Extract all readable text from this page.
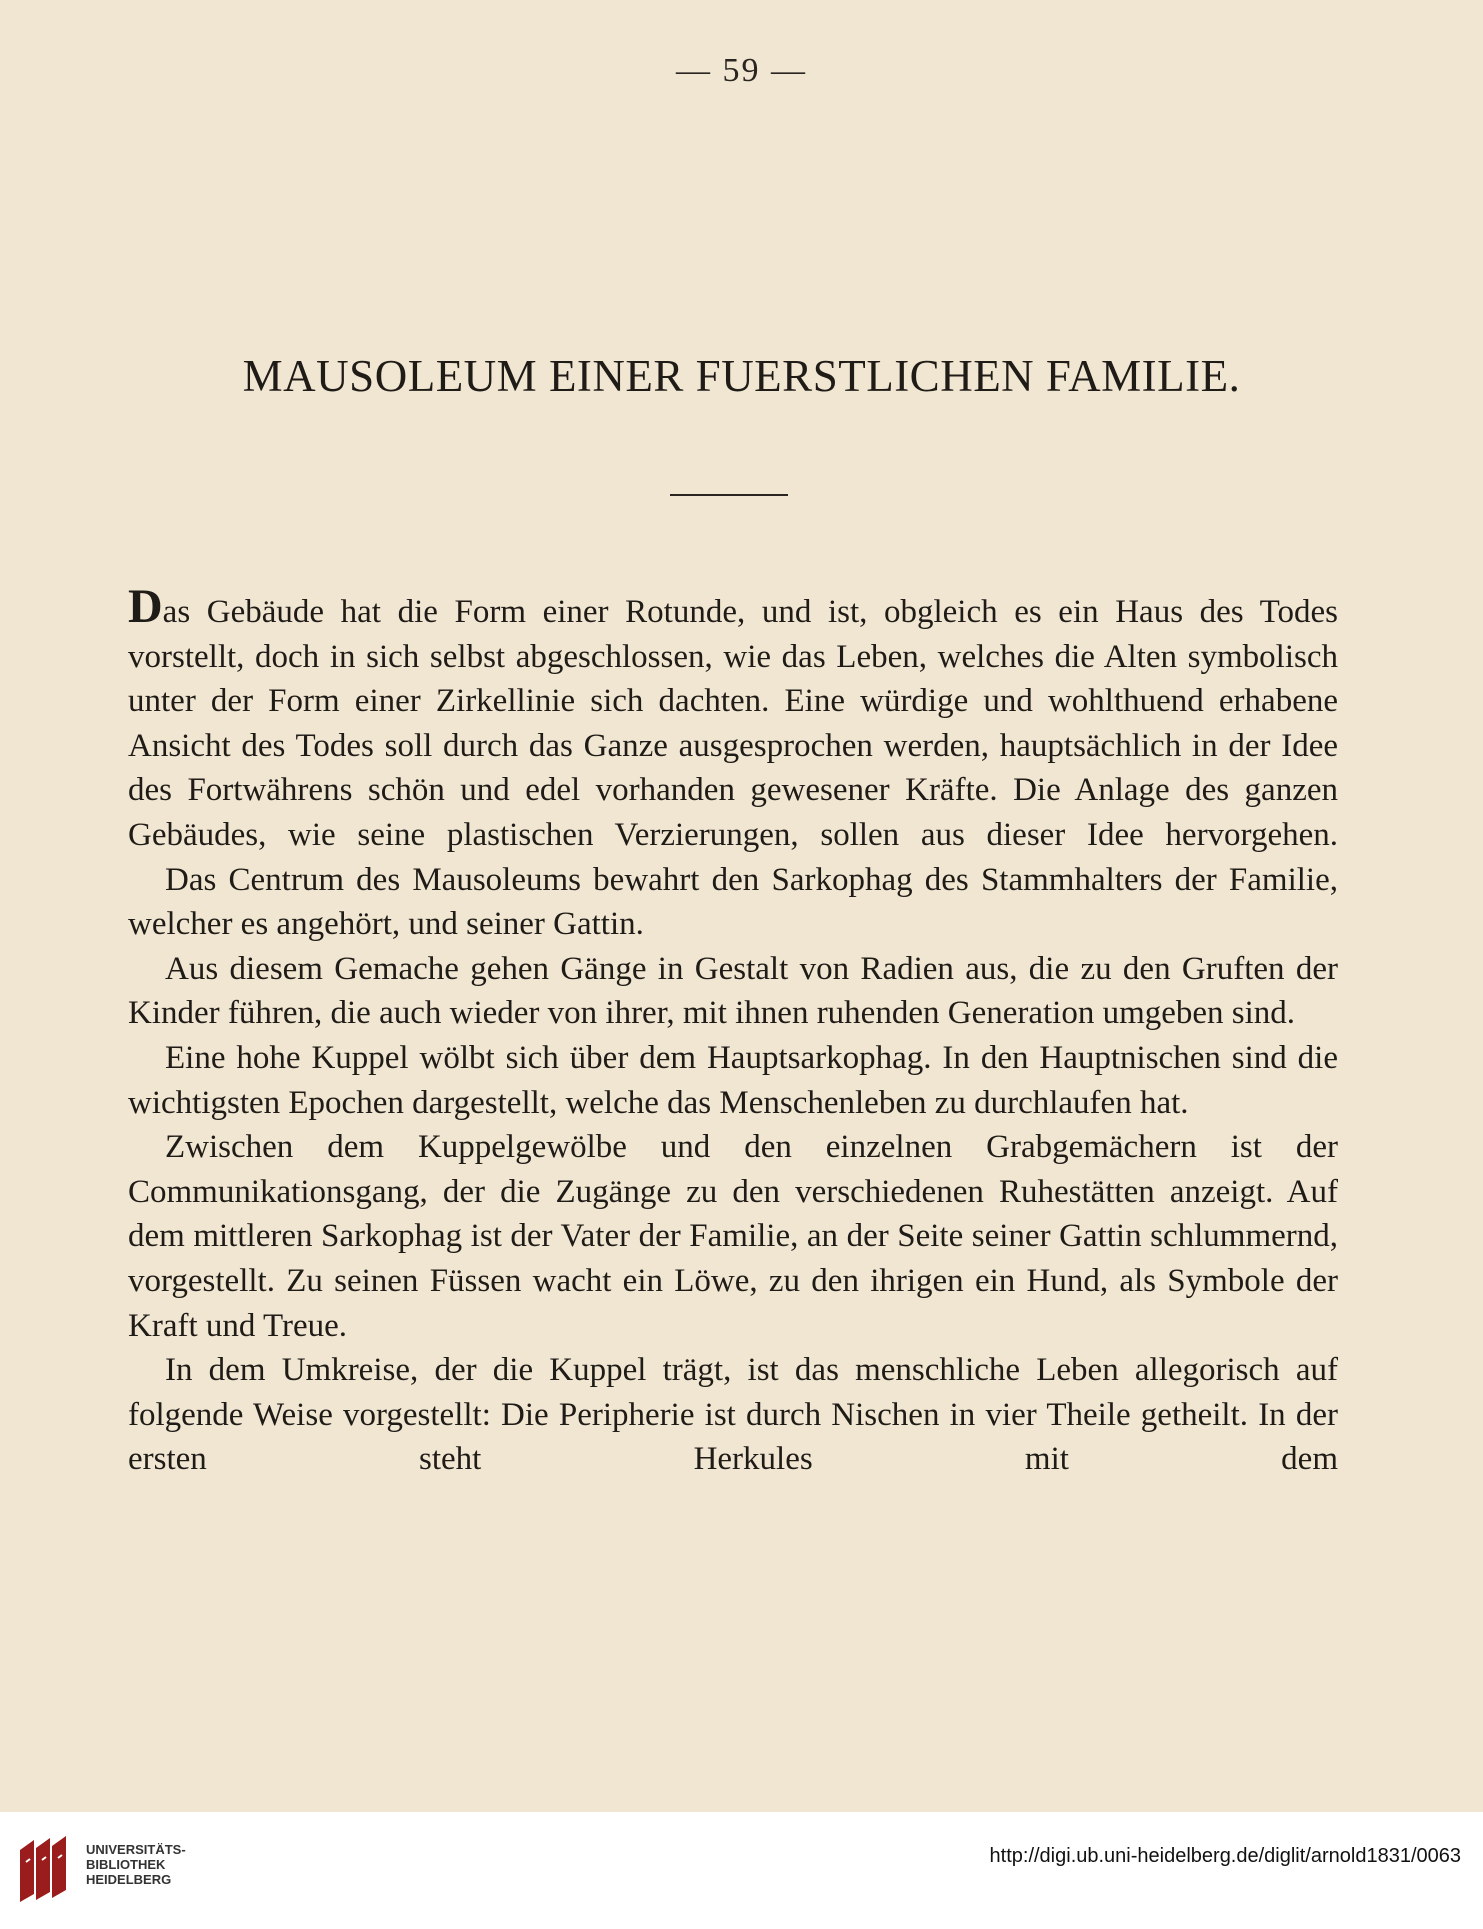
— 59 —
MAUSOLEUM EINER FUERSTLICHEN FAMILIE.

Das Gebäude hat die Form einer Rotunde, und ist, obgleich es ein Haus des Todes vorstellt, doch in sich selbst abgeschlossen, wie das Leben, welches die Alten symbolisch unter der Form einer Zirkellinie sich dachten. Eine würdige und wohlthuend erhabene Ansicht des Todes soll durch das Ganze ausgesprochen werden, hauptsächlich in der Idee des Fortwährens schön und edel vorhanden gewesener Kräfte. Die Anlage des ganzen Gebäudes, wie seine plastischen Verzierungen, sollen aus dieser Idee hervorgehen.

Das Centrum des Mausoleums bewahrt den Sarkophag des Stammhalters der Familie, welcher es angehört, und seiner Gattin.

Aus diesem Gemache gehen Gänge in Gestalt von Radien aus, die zu den Gruften der Kinder führen, die auch wieder von ihrer, mit ihnen ruhenden Generation umgeben sind.

Eine hohe Kuppel wölbt sich über dem Hauptsarkophag. In den Hauptnischen sind die wichtigsten Epochen dargestellt, welche das Menschenleben zu durchlaufen hat.

Zwischen dem Kuppelgewölbe und den einzelnen Grabgemächern ist der Communikationsgang, der die Zugänge zu den verschiedenen Ruhestätten anzeigt. Auf dem mittleren Sarkophag ist der Vater der Familie, an der Seite seiner Gattin schlummernd, vorgestellt. Zu seinen Füssen wacht ein Löwe, zu den ihrigen ein Hund, als Symbole der Kraft und Treue.

In dem Umkreise, der die Kuppel trägt, ist das menschliche Leben allegorisch auf folgende Weise vorgestellt: Die Peripherie ist durch Nischen in vier Theile getheilt. In der ersten steht Herkules mit dem

UNIVERSITÄTS-
BIBLIOTHEK
HEIDELBERG
http://digi.ub.uni-heidelberg.de/diglit/arnold1831/0063
